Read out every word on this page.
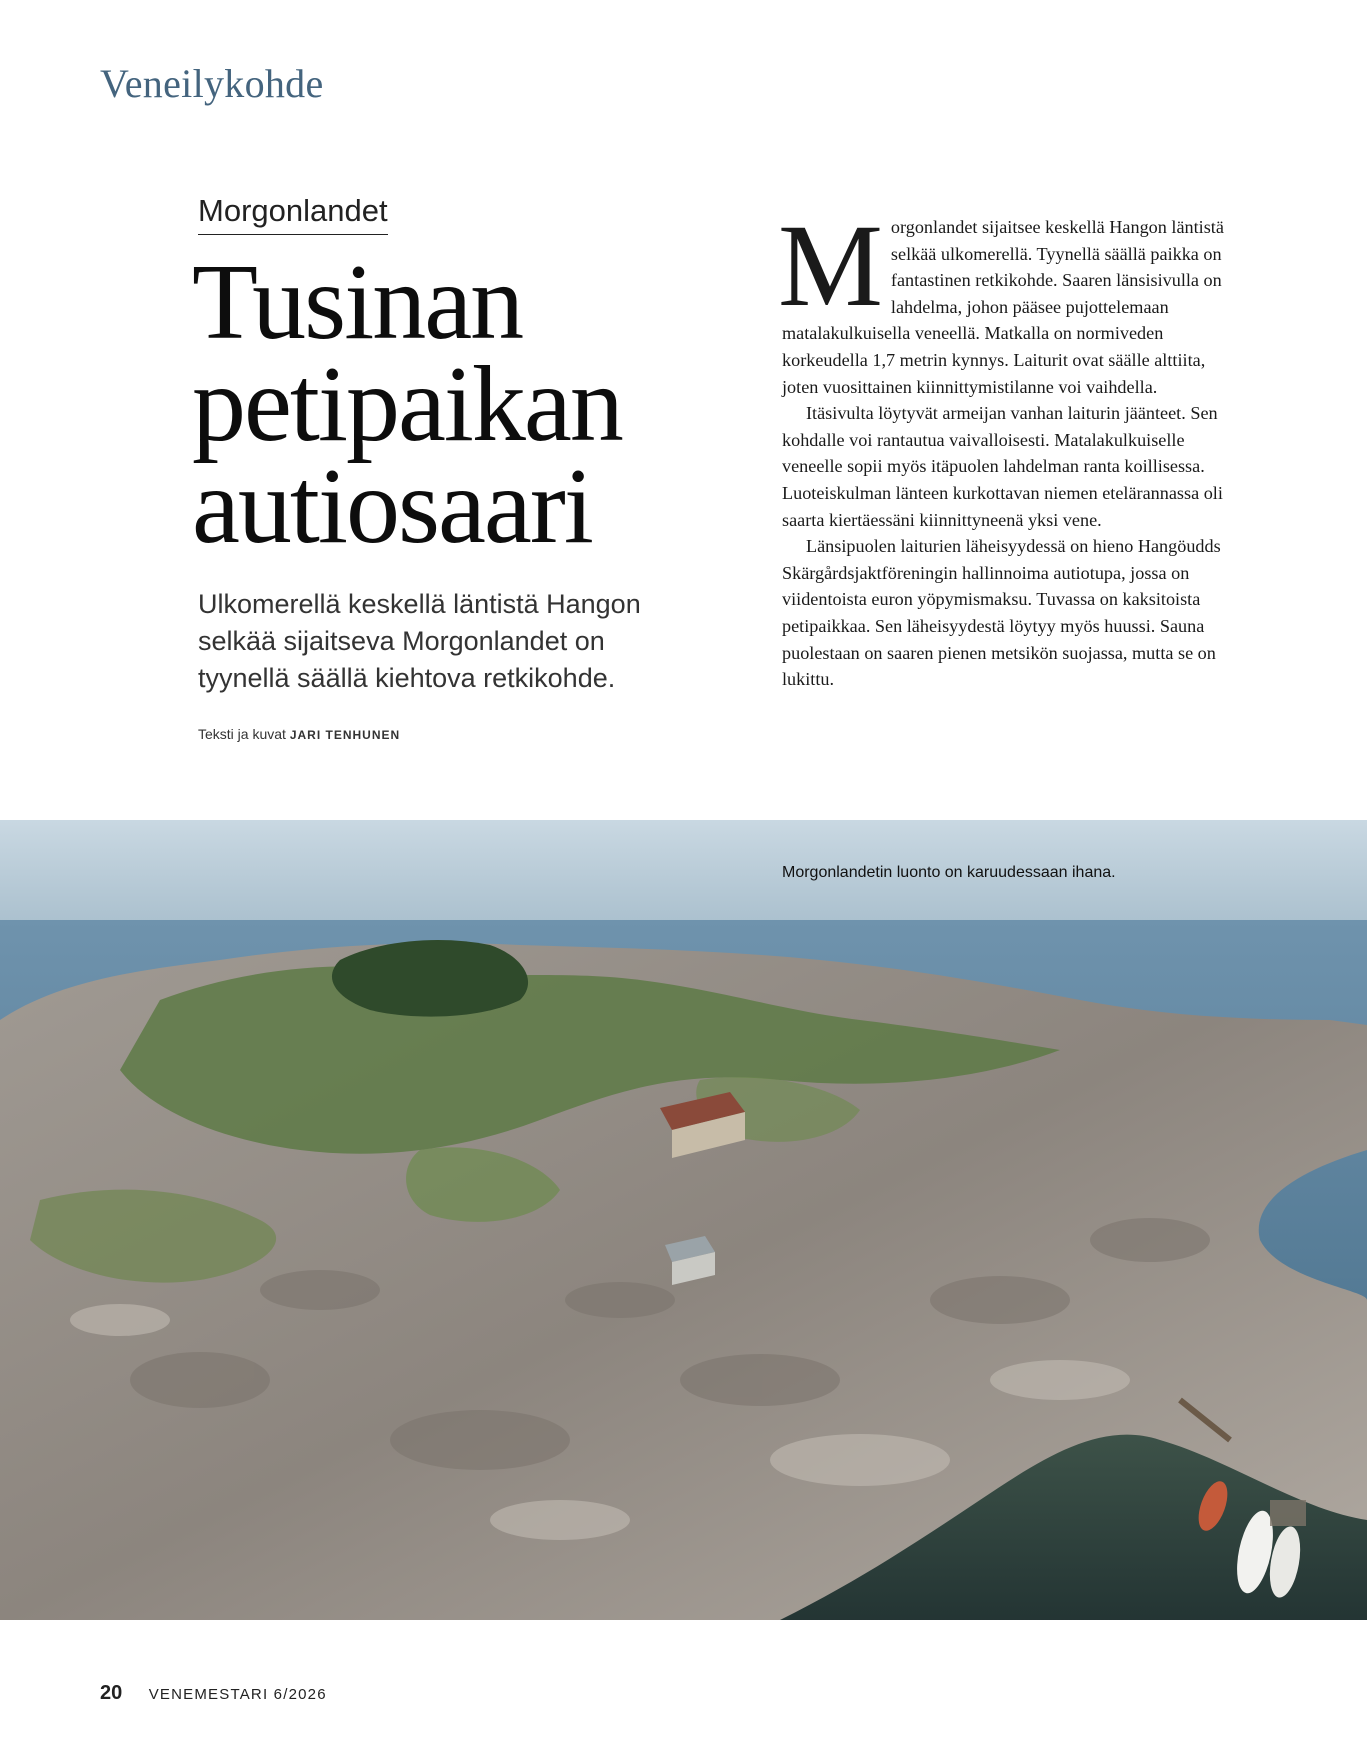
Veneilykohde
Morgonlandet
Tusinan
petipaikan
autiosaari
Ulkomerellä keskellä läntistä Hangon selkää sijaitseva Morgonlandet on tyynellä säällä kiehtova retkikohde.
Teksti ja kuvat JARI TENHUNEN

Morgonlandet sijaitsee keskellä Hangon läntistä selkää ulkomerellä. Tyynellä säällä paikka on fantastinen retkikohde. Saaren länsisivulla on lahdelma, johon pääsee pujottelemaan matalakulkuisella veneellä. Matkalla on normiveden korkeudella 1,7 metrin kynnys. Laiturit ovat säälle alttiita, joten vuosittainen kiinnittymistilanne voi vaihdella.

Itäsivulta löytyvät armeijan vanhan laiturin jäänteet. Sen kohdalle voi rantautua vaivalloisesti. Matalakulkuiselle veneelle sopii myös itäpuolen lahdelman ranta koillisessa. Luoteiskulman länteen kurkottavan niemen etelärannassa oli saarta kiertäessäni kiinnittyneenä yksi vene.

Länsipuolen laiturien läheisyydessä on hieno Hangöudds Skärgårdsjaktföreningin hallinnoima autiotupa, jossa on viidentoista euron yöpymismaksu. Tuvassa on kaksitoista petipaikkaa. Sen läheisyydestä löytyy myös huussi. Sauna puolestaan on saaren pienen metsikön suojassa, mutta se on lukittu.

Morgonlandetin luonto on karuudessaan ihana.
20 VENEMESTARI 6/2026
